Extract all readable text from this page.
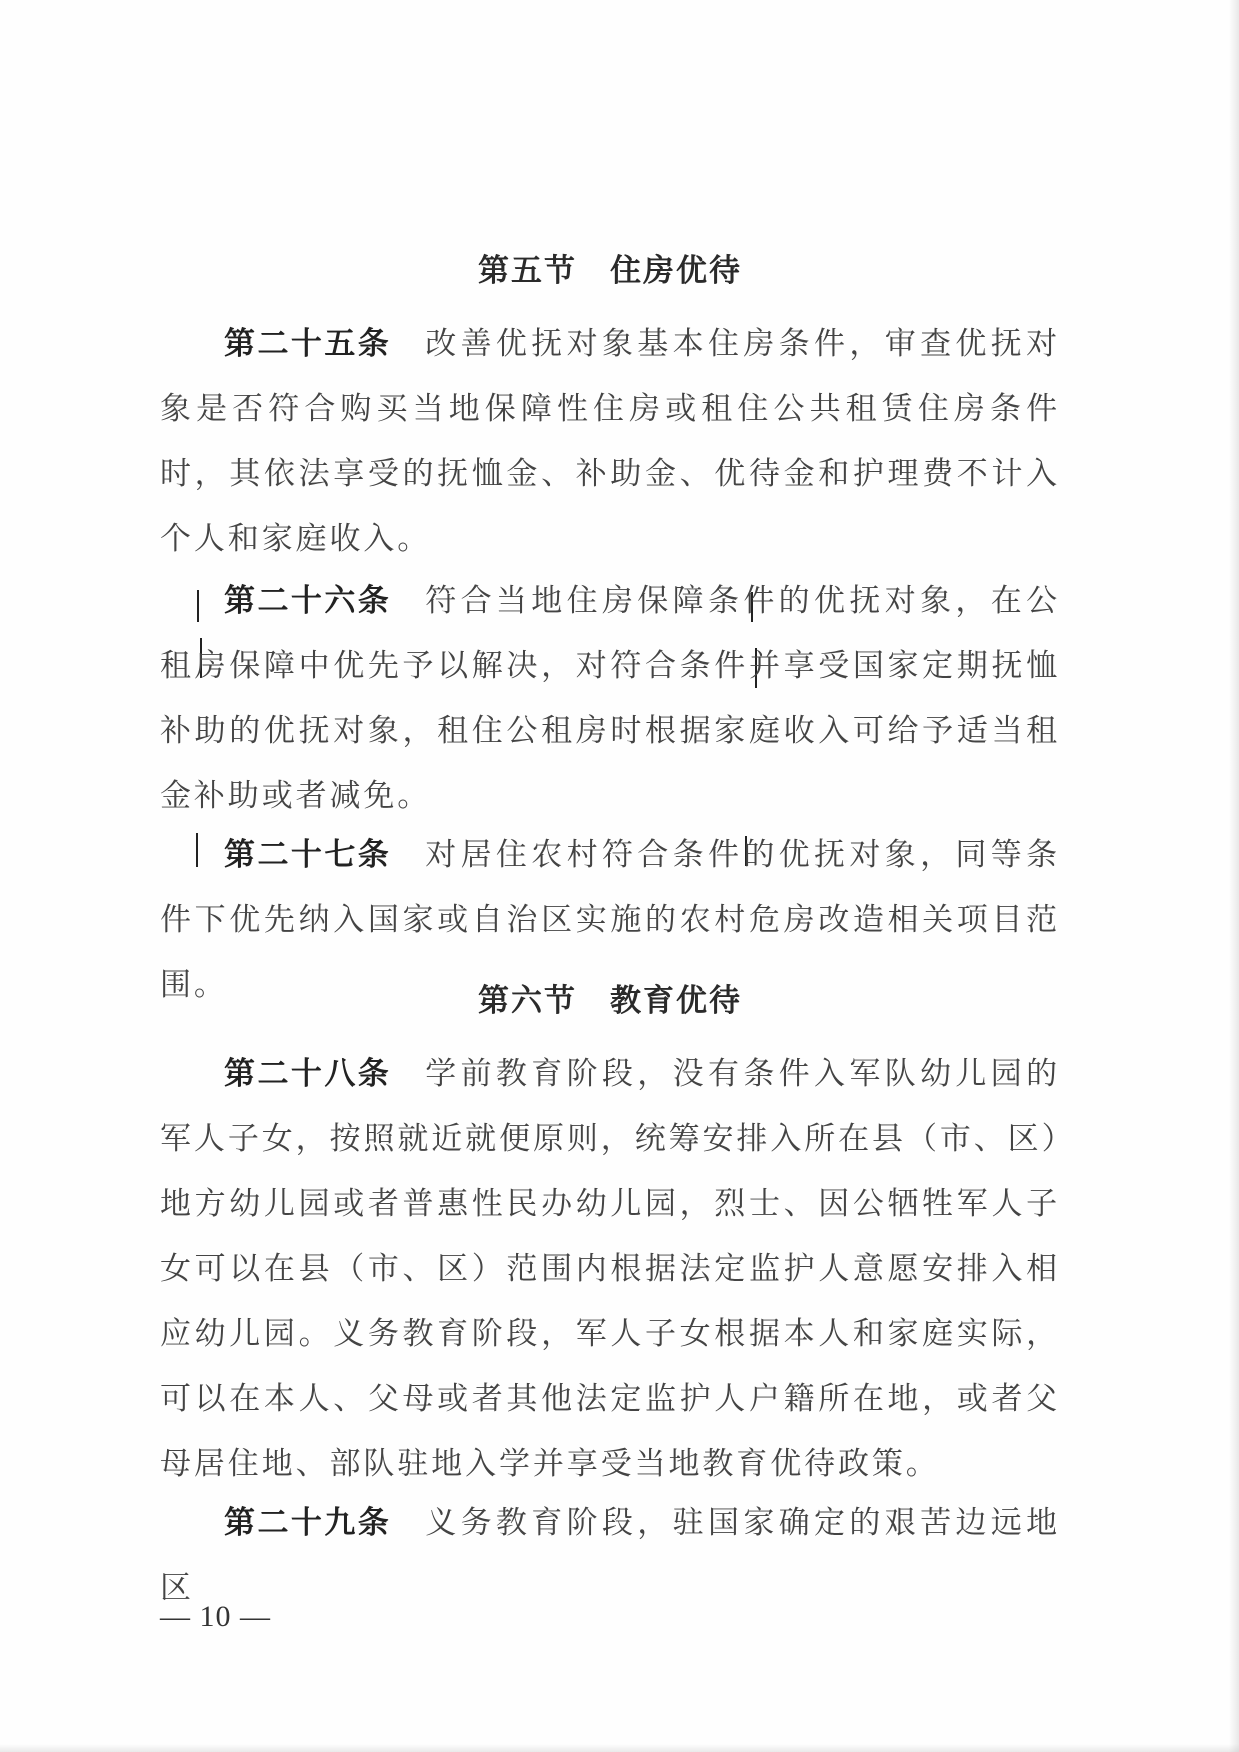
第五节　住房优待

第二十五条 改善优抚对象基本住房条件，审查优抚对象是否符合购买当地保障性住房或租住公共租赁住房条件时，其依法享受的抚恤金、补助金、优待金和护理费不计入个人和家庭收入。

第二十六条 符合当地住房保障条件的优抚对象，在公租房保障中优先予以解决，对符合条件并享受国家定期抚恤补助的优抚对象，租住公租房时根据家庭收入可给予适当租金补助或者减免。

第二十七条 对居住农村符合条件的优抚对象，同等条件下优先纳入国家或自治区实施的农村危房改造相关项目范围。	第六节　教育优待

第二十八条 学前教育阶段，没有条件入军队幼儿园的军人子女，按照就近就便原则，统筹安排入所在县（市、区）地方幼儿园或者普惠性民办幼儿园，烈士、因公牺牲军人子女可以在县（市、区）范围内根据法定监护人意愿安排入相应幼儿园。义务教育阶段，军人子女根据本人和家庭实际，可以在本人、父母或者其他法定监护人户籍所在地，或者父母居住地、部队驻地入学并享受当地教育优待政策。

第二十九条 义务教育阶段，驻国家确定的艰苦边远地区

— 10 —
